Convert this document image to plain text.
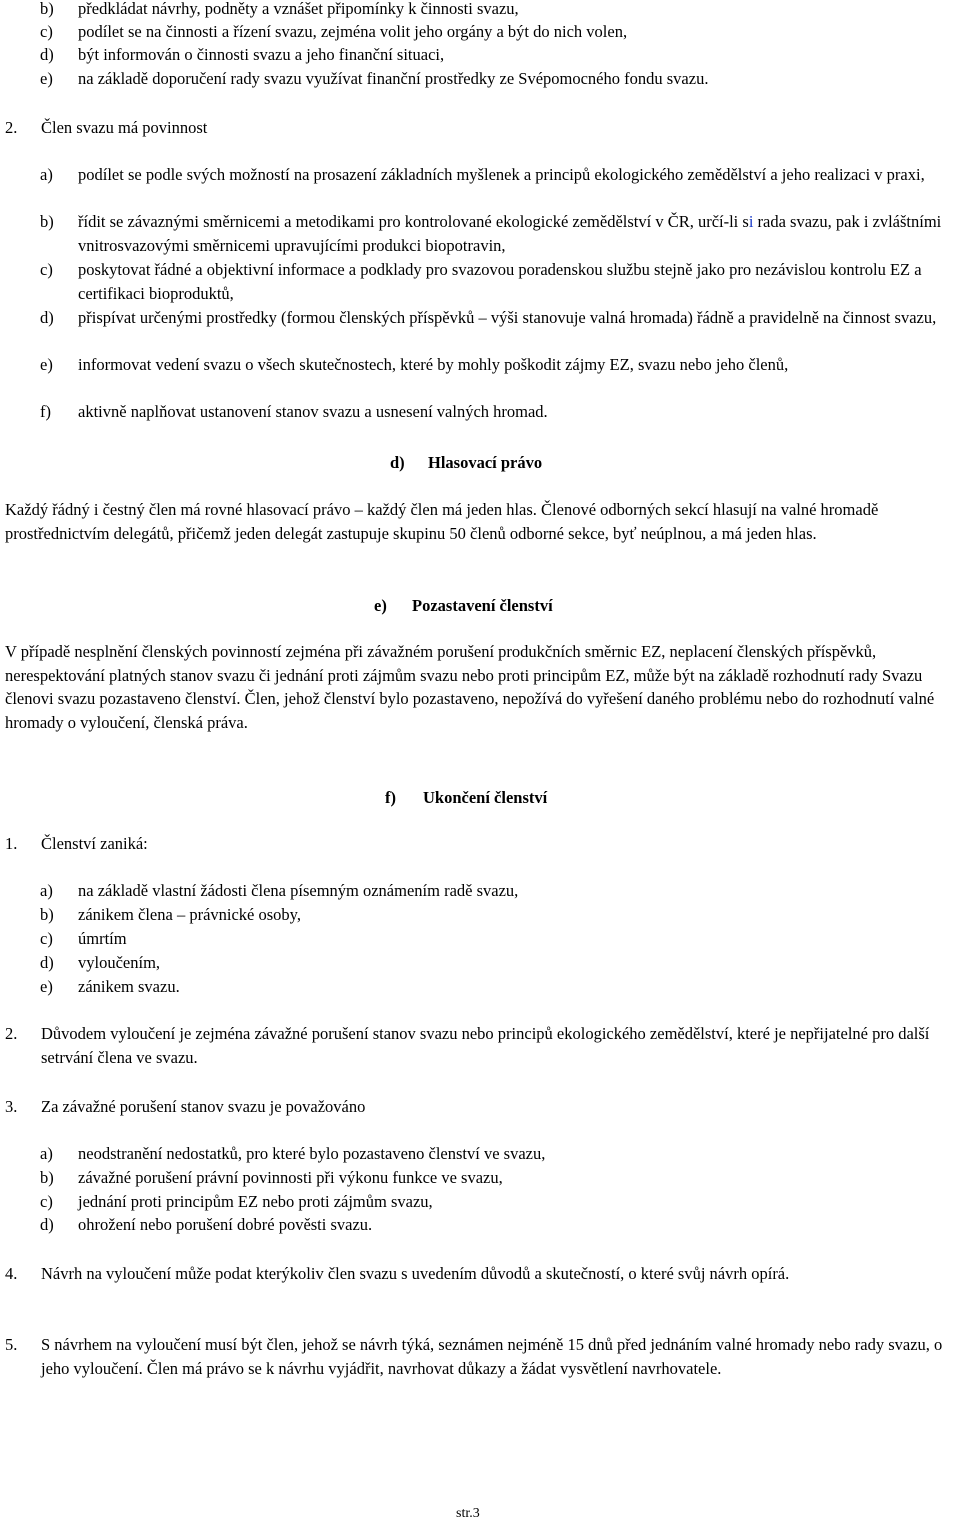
b) předkládat návrhy, podněty a vznášet připomínky k činnosti svazu,

c) podílet se na činnosti a řízení svazu, zejména volit jeho orgány a být do nich volen,

d) být informován o činnosti svazu a jeho finanční situaci,

e) na základě doporučení rady svazu využívat finanční prostředky ze Svépomocného fondu svazu.

2. Člen svazu má povinnost

a) podílet se podle svých možností na prosazení základních myšlenek a principů ekologického zemědělství a jeho realizaci v praxi,

b) řídit se závaznými směrnicemi a metodikami pro kontrolované ekologické zemědělství v ČR, určí-li si rada svazu, pak i zvláštními vnitrosvazovými směrnicemi upravujícími produkci biopotravin,

c) poskytovat řádné a objektivní informace a podklady pro svazovou poradenskou službu stejně jako pro nezávislou kontrolu EZ a certifikaci bioproduktů,

d) přispívat určenými prostředky (formou členských příspěvků – výši stanovuje valná hromada) řádně a pravidelně na činnost svazu,

e) informovat vedení svazu o všech skutečnostech, které by mohly poškodit zájmy EZ, svazu nebo jeho členů,

f) aktivně naplňovat ustanovení stanov svazu a usnesení valných hromad.

d) Hlasovací právo

Každý řádný i čestný člen má rovné hlasovací právo – každý člen má jeden hlas. Členové odborných sekcí hlasují na valné hromadě prostřednictvím delegátů, přičemž jeden delegát zastupuje skupinu 50 členů odborné sekce, byť neúplnou, a má jeden hlas.

e) Pozastavení členství

V případě nesplnění členských povinností zejména při závažném porušení produkčních směrnic EZ, neplacení členských příspěvků, nerespektování platných stanov svazu či jednání proti zájmům svazu nebo proti principům EZ, může být na základě rozhodnutí rady Svazu členovi svazu pozastaveno členství. Člen, jehož členství bylo pozastaveno, nepožívá do vyřešení daného problému nebo do rozhodnutí valné hromady o vyloučení, členská práva.

f) Ukončení členství

1. Členství zaniká:

a) na základě vlastní žádosti člena písemným oznámením radě svazu,

b) zánikem člena – právnické osoby,

c) úmrtím

d) vyloučením,

e) zánikem svazu.

2. Důvodem vyloučení je zejména závažné porušení stanov svazu nebo principů ekologického zemědělství, které je nepřijatelné pro další setrvání člena ve svazu.

3. Za závažné porušení stanov svazu je považováno

a) neodstranění nedostatků, pro které bylo pozastaveno členství ve svazu,

b) závažné porušení právní povinnosti při výkonu funkce ve svazu,

c) jednání proti principům EZ nebo proti zájmům svazu,

d) ohrožení nebo porušení dobré pověsti svazu.

4. Návrh na vyloučení může podat kterýkoliv člen svazu s uvedením důvodů a skutečností, o které svůj návrh opírá.

5. S návrhem na vyloučení musí být člen, jehož se návrh týká, seznámen nejméně 15 dnů před jednáním valné hromady nebo rady svazu, o jeho vyloučení. Člen má právo se k návrhu vyjádřit, navrhovat důkazy a žádat vysvětlení navrhovatele.

str.3
